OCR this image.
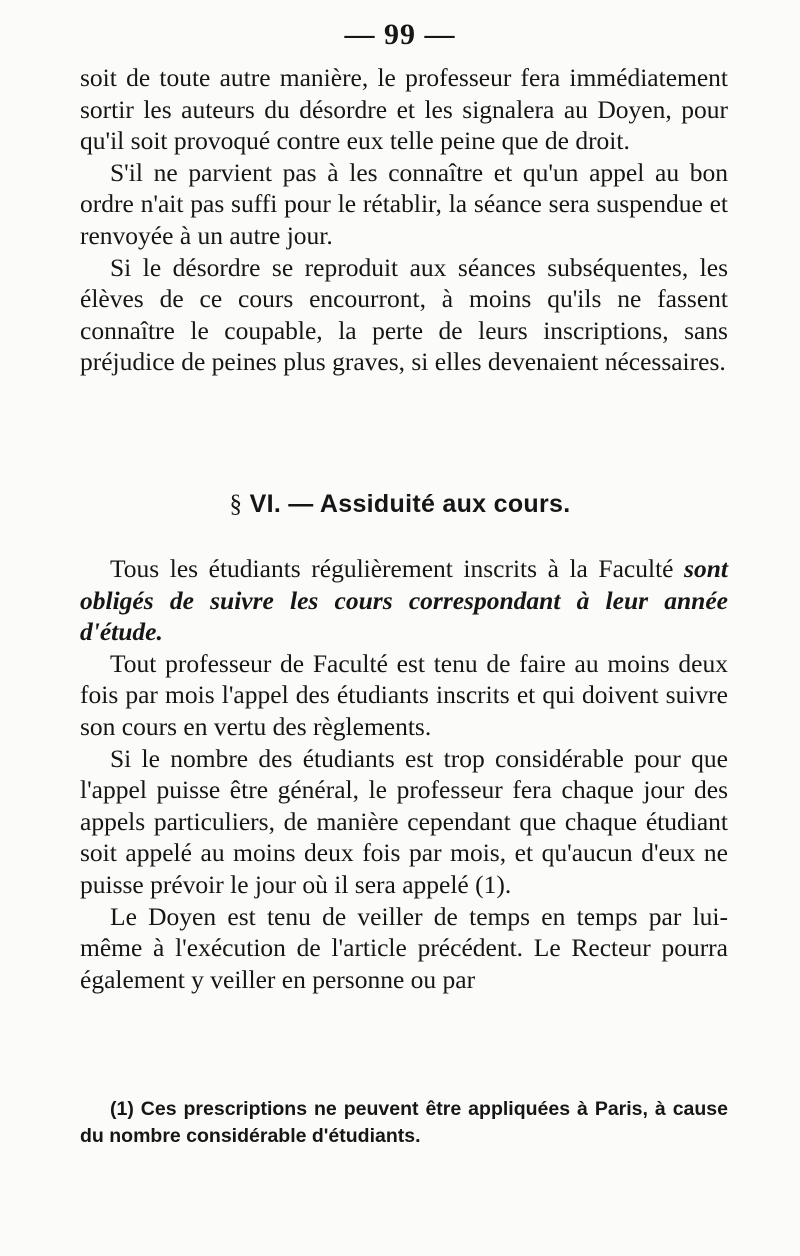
— 99 —

soit de toute autre manière, le professeur fera immédiatement sortir les auteurs du désordre et les signalera au Doyen, pour qu'il soit provoqué contre eux telle peine que de droit.

S'il ne parvient pas à les connaître et qu'un appel au bon ordre n'ait pas suffi pour le rétablir, la séance sera suspendue et renvoyée à un autre jour.

Si le désordre se reproduit aux séances subséquentes, les élèves de ce cours encourront, à moins qu'ils ne fassent connaître le coupable, la perte de leurs inscriptions, sans préjudice de peines plus graves, si elles devenaient nécessaires.

§ VI. — Assiduité aux cours.

Tous les étudiants régulièrement inscrits à la Faculté sont obligés de suivre les cours correspondant à leur année d'étude.

Tout professeur de Faculté est tenu de faire au moins deux fois par mois l'appel des étudiants inscrits et qui doivent suivre son cours en vertu des règlements.

Si le nombre des étudiants est trop considérable pour que l'appel puisse être général, le professeur fera chaque jour des appels particuliers, de manière cependant que chaque étudiant soit appelé au moins deux fois par mois, et qu'aucun d'eux ne puisse prévoir le jour où il sera appelé (1).

Le Doyen est tenu de veiller de temps en temps par lui-même à l'exécution de l'article précédent. Le Recteur pourra également y veiller en personne ou par

(1) Ces prescriptions ne peuvent être appliquées à Paris, à cause du nombre considérable d'étudiants.
